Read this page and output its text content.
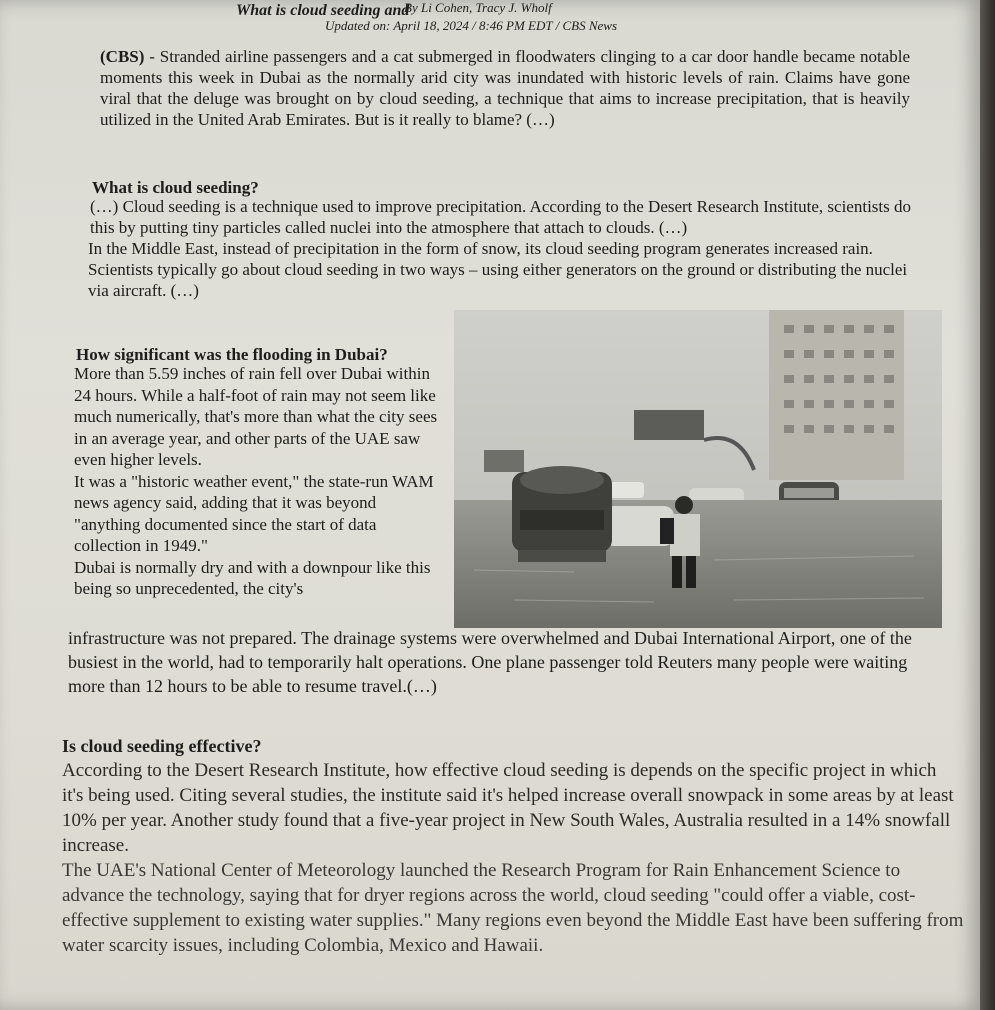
What is cloud seeding and
By Li Cohen, Tracy J. Wholf
Updated on: April 18, 2024 / 8:46 PM EDT / CBS News

(CBS) - Stranded airline passengers and a cat submerged in floodwaters clinging to a car door handle became notable moments this week in Dubai as the normally arid city was inundated with historic levels of rain. Claims have gone viral that the deluge was brought on by cloud seeding, a technique that aims to increase precipitation, that is heavily utilized in the United Arab Emirates. But is it really to blame? (…)

What is cloud seeding?

(…) Cloud seeding is a technique used to improve precipitation. According to the Desert Research Institute, scientists do this by putting tiny particles called nuclei into the atmosphere that attach to clouds. (…)

In the Middle East, instead of precipitation in the form of snow, its cloud seeding program generates increased rain. Scientists typically go about cloud seeding in two ways – using either generators on the ground or distributing the nuclei via aircraft. (…)

How significant was the flooding in Dubai?

More than 5.59 inches of rain fell over Dubai within 24 hours. While a half-foot of rain may not seem like much numerically, that's more than what the city sees in an average year, and other parts of the UAE saw even higher levels.

It was a "historic weather event," the state-run WAM news agency said, adding that it was beyond "anything documented since the start of data collection in 1949."

Dubai is normally dry and with a downpour like this being so unprecedented, the city's

infrastructure was not prepared. The drainage systems were overwhelmed and Dubai International Airport, one of the busiest in the world, had to temporarily halt operations. One plane passenger told Reuters many people were waiting more than 12 hours to be able to resume travel.(…)

Is cloud seeding effective?

According to the Desert Research Institute, how effective cloud seeding is depends on the specific project in which it's being used. Citing several studies, the institute said it's helped increase overall snowpack in some areas by at least 10% per year. Another study found that a five-year project in New South Wales, Australia resulted in a 14% snowfall increase.

The UAE's National Center of Meteorology launched the Research Program for Rain Enhancement Science to advance the technology, saying that for dryer regions across the world, cloud seeding "could offer a viable, cost-effective supplement to existing water supplies." Many regions even beyond the Middle East have been suffering from water scarcity issues, including Colombia, Mexico and Hawaii.
